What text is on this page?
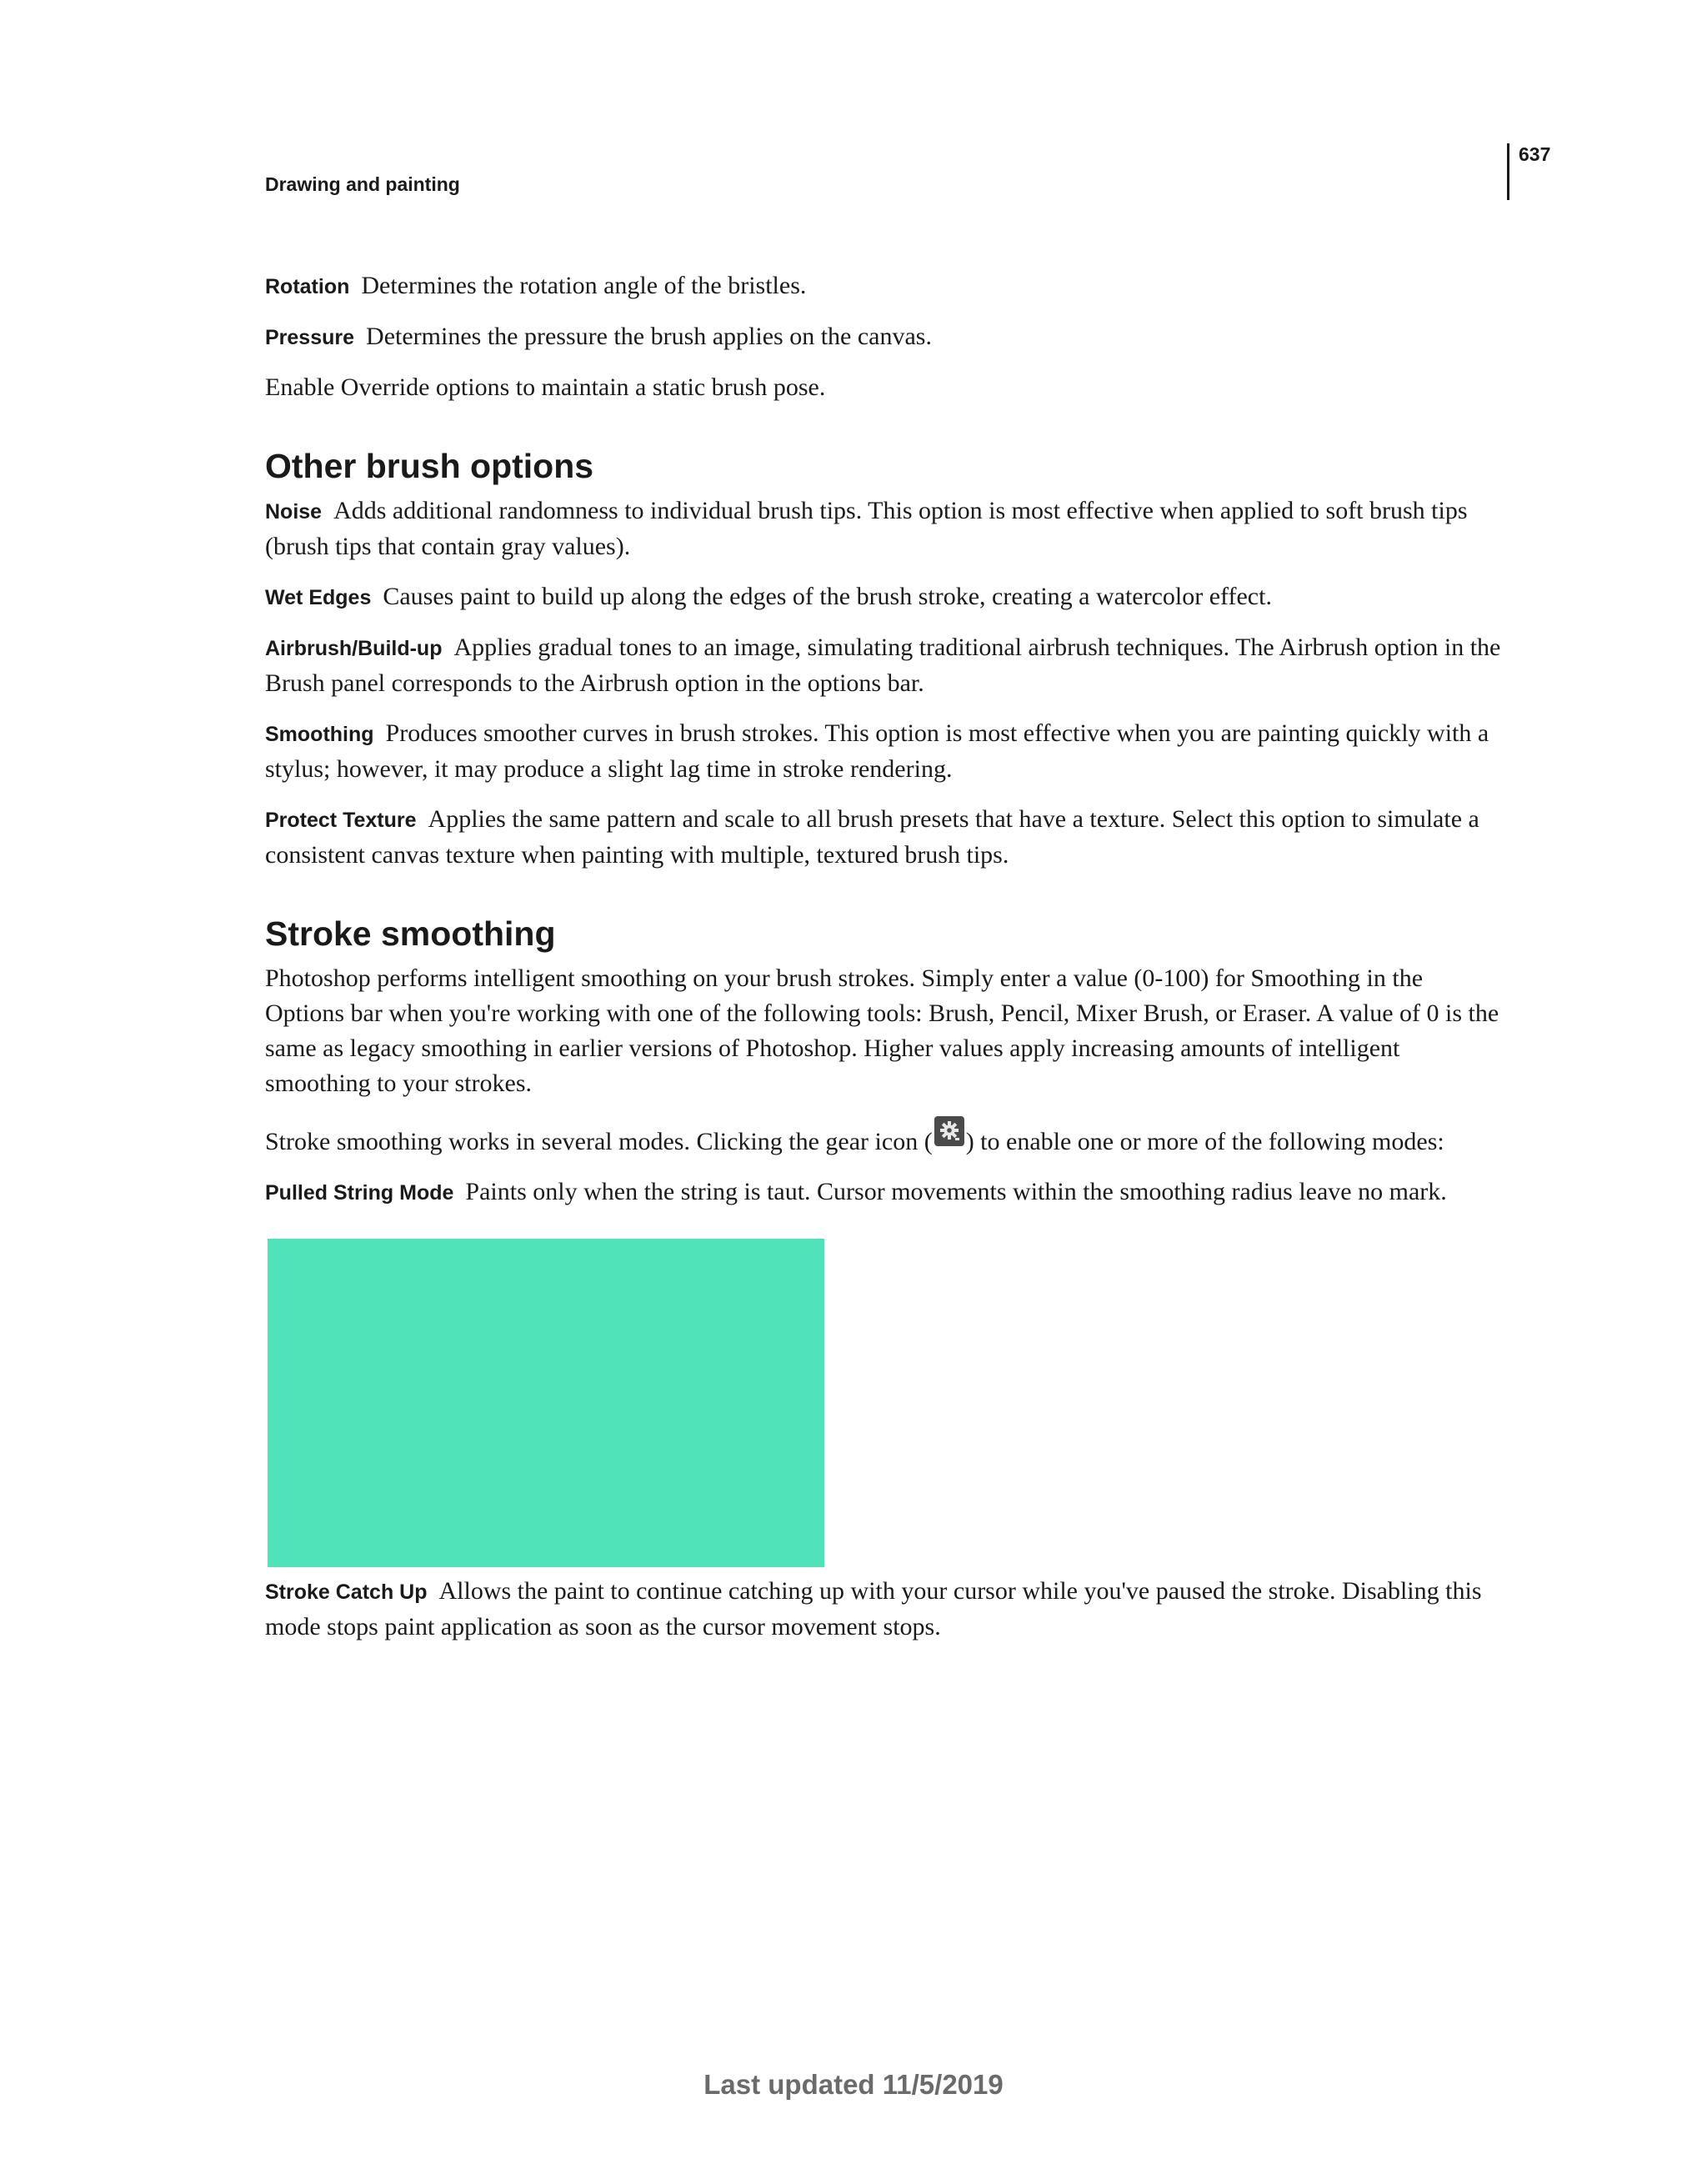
Drawing and painting
637

Rotation Determines the rotation angle of the bristles.

Pressure Determines the pressure the brush applies on the canvas.

Enable Override options to maintain a static brush pose.

Other brush options

Noise Adds additional randomness to individual brush tips. This option is most effective when applied to soft brush tips (brush tips that contain gray values).

Wet Edges Causes paint to build up along the edges of the brush stroke, creating a watercolor effect.

Airbrush/Build-up Applies gradual tones to an image, simulating traditional airbrush techniques. The Airbrush option in the Brush panel corresponds to the Airbrush option in the options bar.

Smoothing Produces smoother curves in brush strokes. This option is most effective when you are painting quickly with a stylus; however, it may produce a slight lag time in stroke rendering.

Protect Texture Applies the same pattern and scale to all brush presets that have a texture. Select this option to simulate a consistent canvas texture when painting with multiple, textured brush tips.

Stroke smoothing

Photoshop performs intelligent smoothing on your brush strokes. Simply enter a value (0-100) for Smoothing in the Options bar when you're working with one of the following tools: Brush, Pencil, Mixer Brush, or Eraser. A value of 0 is the same as legacy smoothing in earlier versions of Photoshop. Higher values apply increasing amounts of intelligent smoothing to your strokes.

Stroke smoothing works in several modes. Clicking the gear icon ( ) to enable one or more of the following modes:

Pulled String Mode Paints only when the string is taut. Cursor movements within the smoothing radius leave no mark.

Stroke Catch Up Allows the paint to continue catching up with your cursor while you've paused the stroke. Disabling this mode stops paint application as soon as the cursor movement stops.

Last updated 11/5/2019
